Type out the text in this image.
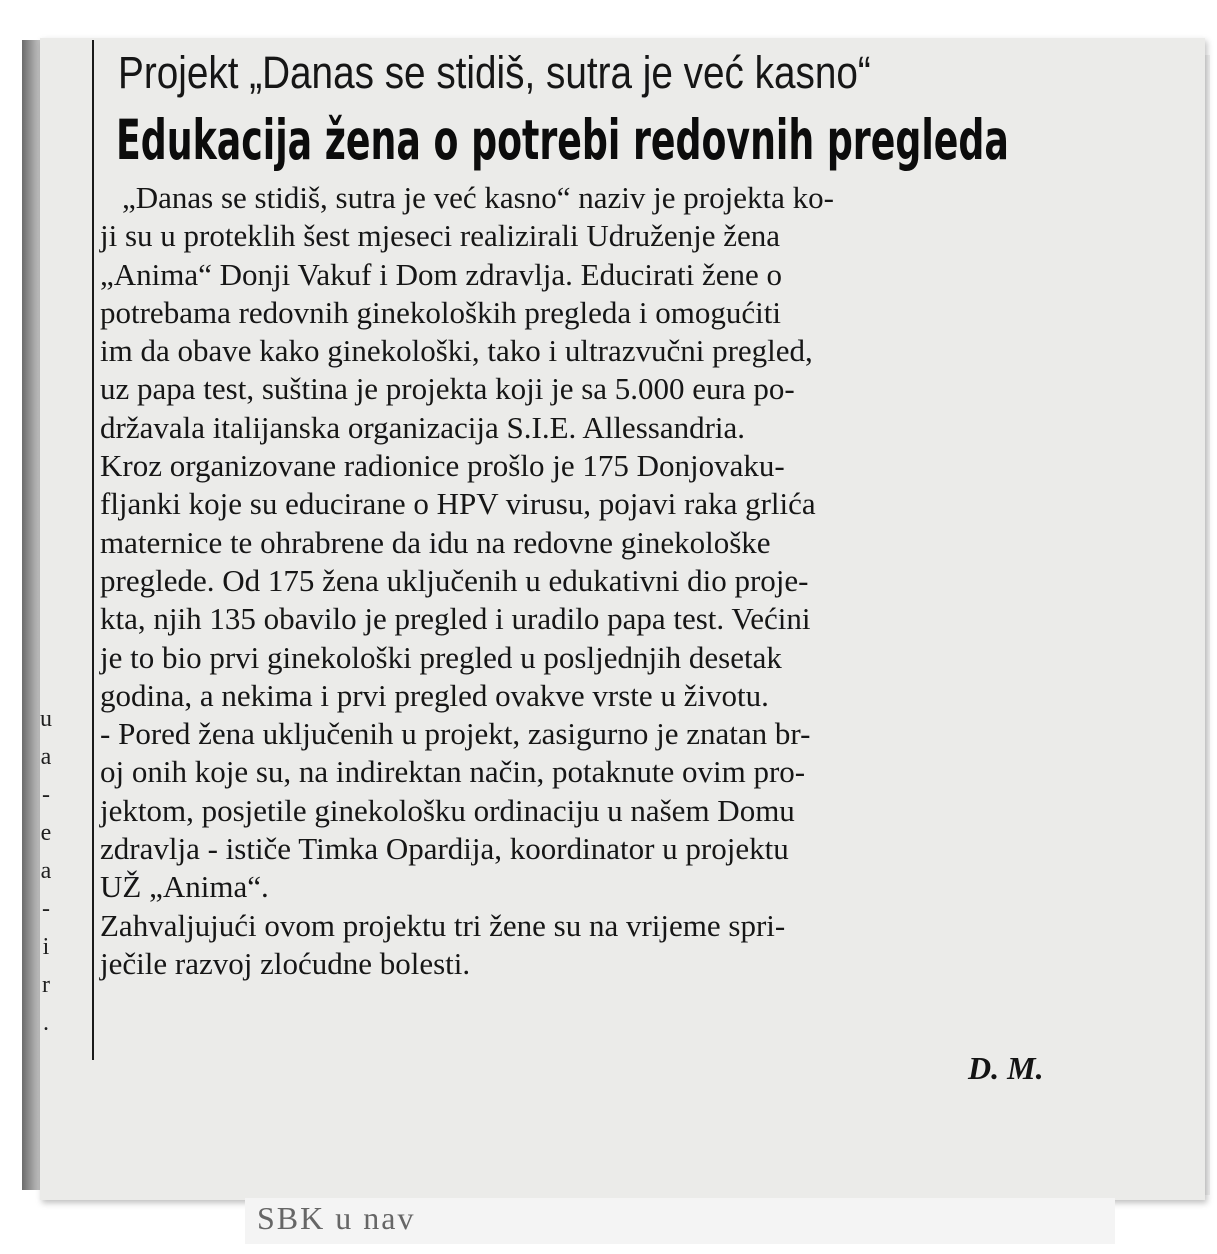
u
a
-
e
a
-
i
r
.
Projekt „Danas se stidiš, sutra je već kasno“
Edukacija žena o potrebi redovnih pregleda
„Danas se stidiš, sutra je već kasno“ naziv je projekta ko-
ji su u proteklih šest mjeseci realizirali Udruženje žena
„Anima“ Donji Vakuf i Dom zdravlja. Educirati žene o
potrebama redovnih ginekoloških pregleda i omogućiti
im da obave kako ginekološki, tako i ultrazvučni pregled,
uz papa test, suština je projekta koji je sa 5.000 eura po-
državala italijanska organizacija S.I.E. Allessandria.
Kroz organizovane radionice prošlo je 175 Donjovaku-
fljanki koje su educirane o HPV virusu, pojavi raka grlića
maternice te ohrabrene da idu na redovne ginekološke
preglede. Od 175 žena uključenih u edukativni dio proje-
kta, njih 135 obavilo je pregled i uradilo papa test. Većini
je to bio prvi ginekološki pregled u posljednjih desetak
godina, a nekima i prvi pregled ovakve vrste u životu.
- Pored žena uključenih u projekt, zasigurno je znatan br-
oj onih koje su, na indirektan način, potaknute ovim pro-
jektom, posjetile ginekološku ordinaciju u našem Domu
zdravlja - ističe Timka Opardija, koordinator u projektu
UŽ „Anima“.
Zahvaljujući ovom projektu tri žene su na vrijeme spri-
ječile razvoj zloćudne bolesti.
D. M.
SBK u nav
